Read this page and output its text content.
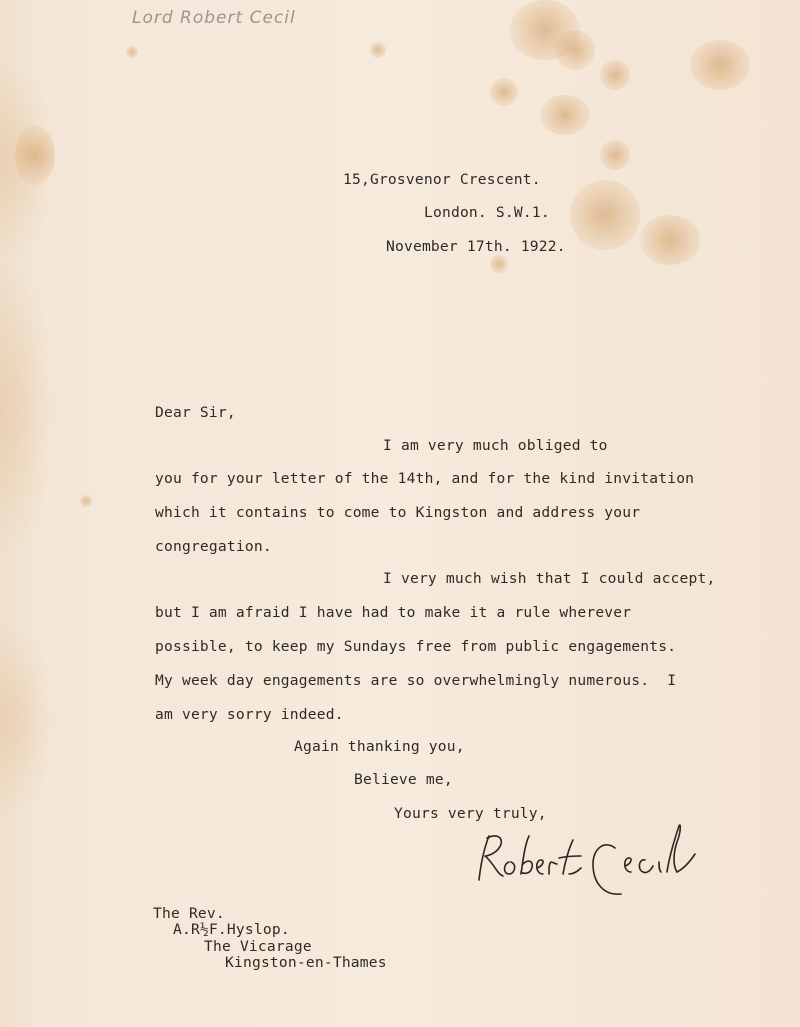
Lord Robert Cecil
15,Grosvenor Crescent.
London. S.W.1.
November 17th. 1922.
Dear Sir,
I am very much obliged to
you for your letter of the 14th, and for the kind invitation
which it contains to come to Kingston and address your
congregation.
I very much wish that I could accept,
but I am afraid I have had to make it a rule wherever
possible, to keep my Sundays free from public engagements.
My week day engagements are so overwhelmingly numerous.  I
am very sorry indeed.
Again thanking you,
Believe me,
Yours very truly,
The Rev.
A.R½F.Hyslop.
The Vicarage
Kingston-en-Thames
